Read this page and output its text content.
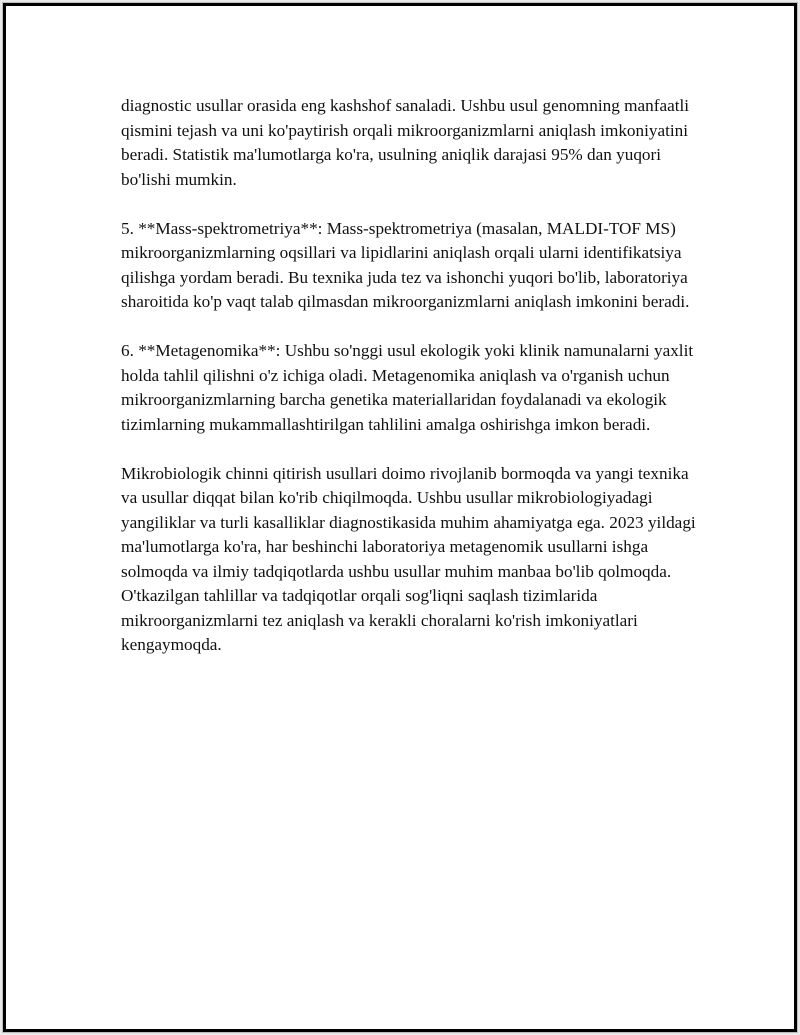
diagnostic usullar orasida eng kashshof sanaladi. Ushbu usul genomning manfaatli qismini tejash va uni ko'paytirish orqali mikroorganizmlarni aniqlash imkoniyatini beradi. Statistik ma'lumotlarga ko'ra, usulning aniqlik darajasi 95% dan yuqori bo'lishi mumkin.

5. **Mass-spektrometriya**: Mass-spektrometriya (masalan, MALDI-TOF MS) mikroorganizmlarning oqsillari va lipidlarini aniqlash orqali ularni identifikatsiya qilishga yordam beradi. Bu texnika juda tez va ishonchi yuqori bo'lib, laboratoriya sharoitida ko'p vaqt talab qilmasdan mikroorganizmlarni aniqlash imkonini beradi.

6. **Metagenomika**: Ushbu so'nggi usul ekologik yoki klinik namunalarni yaxlit holda tahlil qilishni o'z ichiga oladi. Metagenomika aniqlash va o'rganish uchun mikroorganizmlarning barcha genetika materiallaridan foydalanadi va ekologik tizimlarning mukammallashtirilgan tahlilini amalga oshirishga imkon beradi.

Mikrobiologik chinni qitirish usullari doimo rivojlanib bormoqda va yangi texnika va usullar diqqat bilan ko'rib chiqilmoqda. Ushbu usullar mikrobiologiyadagi yangiliklar va turli kasalliklar diagnostikasida muhim ahamiyatga ega. 2023 yildagi ma'lumotlarga ko'ra, har beshinchi laboratoriya metagenomik usullarni ishga solmoqda va ilmiy tadqiqotlarda ushbu usullar muhim manbaa bo'lib qolmoqda. O'tkazilgan tahlillar va tadqiqotlar orqali sog'liqni saqlash tizimlarida mikroorganizmlarni tez aniqlash va kerakli choralarni ko'rish imkoniyatlari kengaymoqda.
